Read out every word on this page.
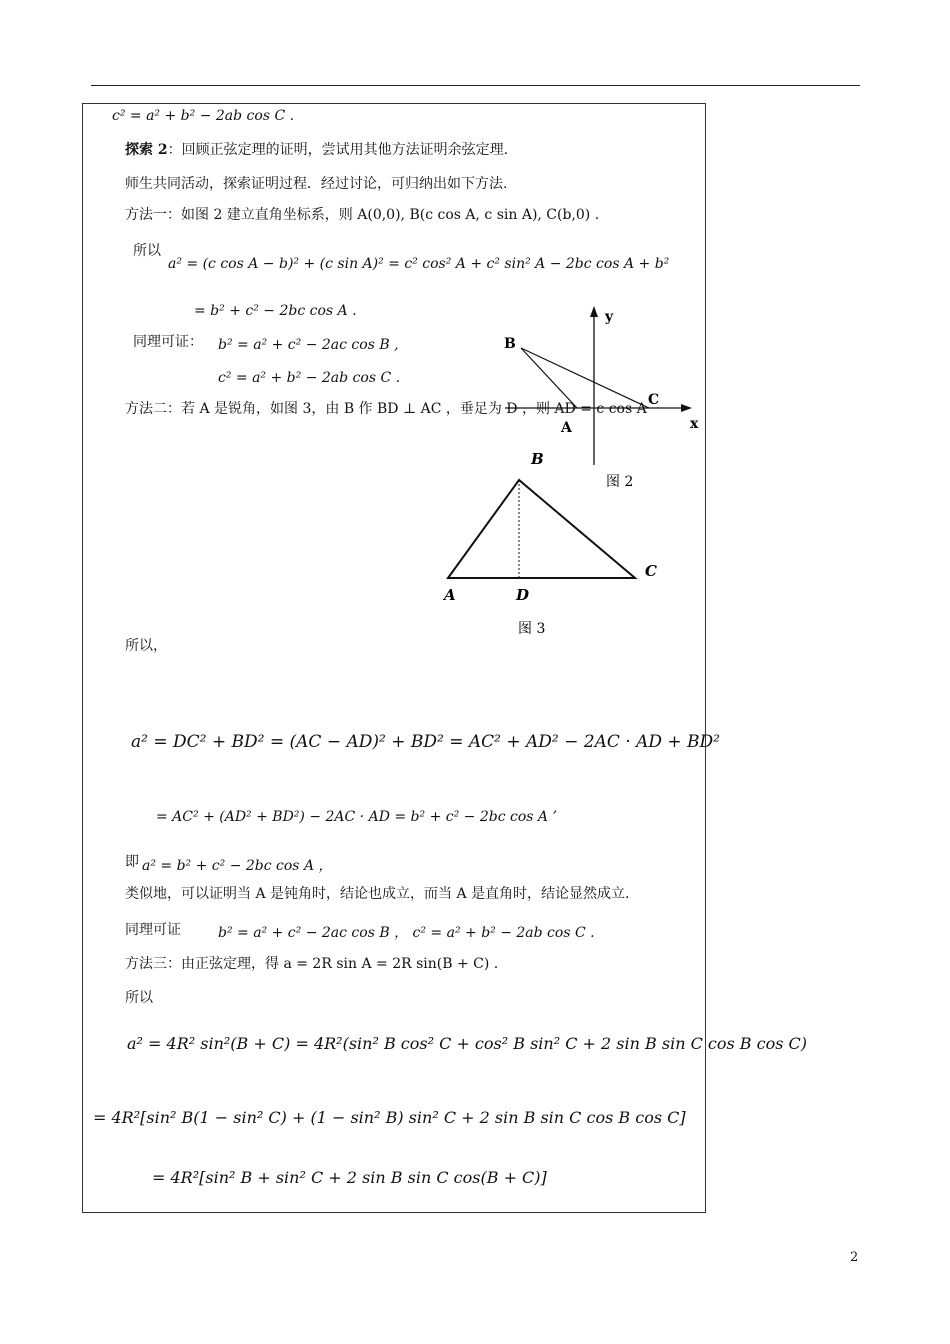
c² = a² + b² − 2ab cos C .
探索 2：回顾正弦定理的证明，尝试用其他方法证明余弦定理.
师生共同活动，探索证明过程．经过讨论，可归纳出如下方法.
方法一：如图 2 建立直角坐标系，则 A(0,0), B(c cos A, c sin A), C(b,0) .
所以
a² = (c cos A − b)² + (c sin A)² = c² cos² A + c² sin² A − 2bc cos A + b²
= b² + c² − 2bc cos A .
同理可证： b² = a² + c² − 2ac cos B ,
c² = a² + b² − 2ab cos C .
方法二：若 A 是锐角，如图 3，由 B 作 BD ⊥ AC ，垂足为 D ，则 AD = c cos A
y
x
B
C
A
图 2
B
A	D
C
图 3
所以，
a² = DC² + BD² = (AC − AD)² + BD² = AC² + AD² − 2AC · AD + BD²
= AC² + (AD² + BD²) − 2AC · AD = b² + c² − 2bc cos A ’
即 a² = b² + c² − 2bc cos A ，
类似地，可以证明当 A 是钝角时，结论也成立，而当 A 是直角时，结论显然成立.
同理可证	b² = a² + c² − 2ac cos B ， c² = a² + b² − 2ab cos C .
方法三：由正弦定理，得 a = 2R sin A = 2R sin(B + C) .
所以
a² = 4R² sin²(B + C) = 4R²(sin² B cos² C + cos² B sin² C + 2 sin B sin C cos B cos C)
= 4R²[sin² B(1 − sin² C) + (1 − sin² B) sin² C + 2 sin B sin C cos B cos C]
= 4R²[sin² B + sin² C + 2 sin B sin C cos(B + C)]
2
